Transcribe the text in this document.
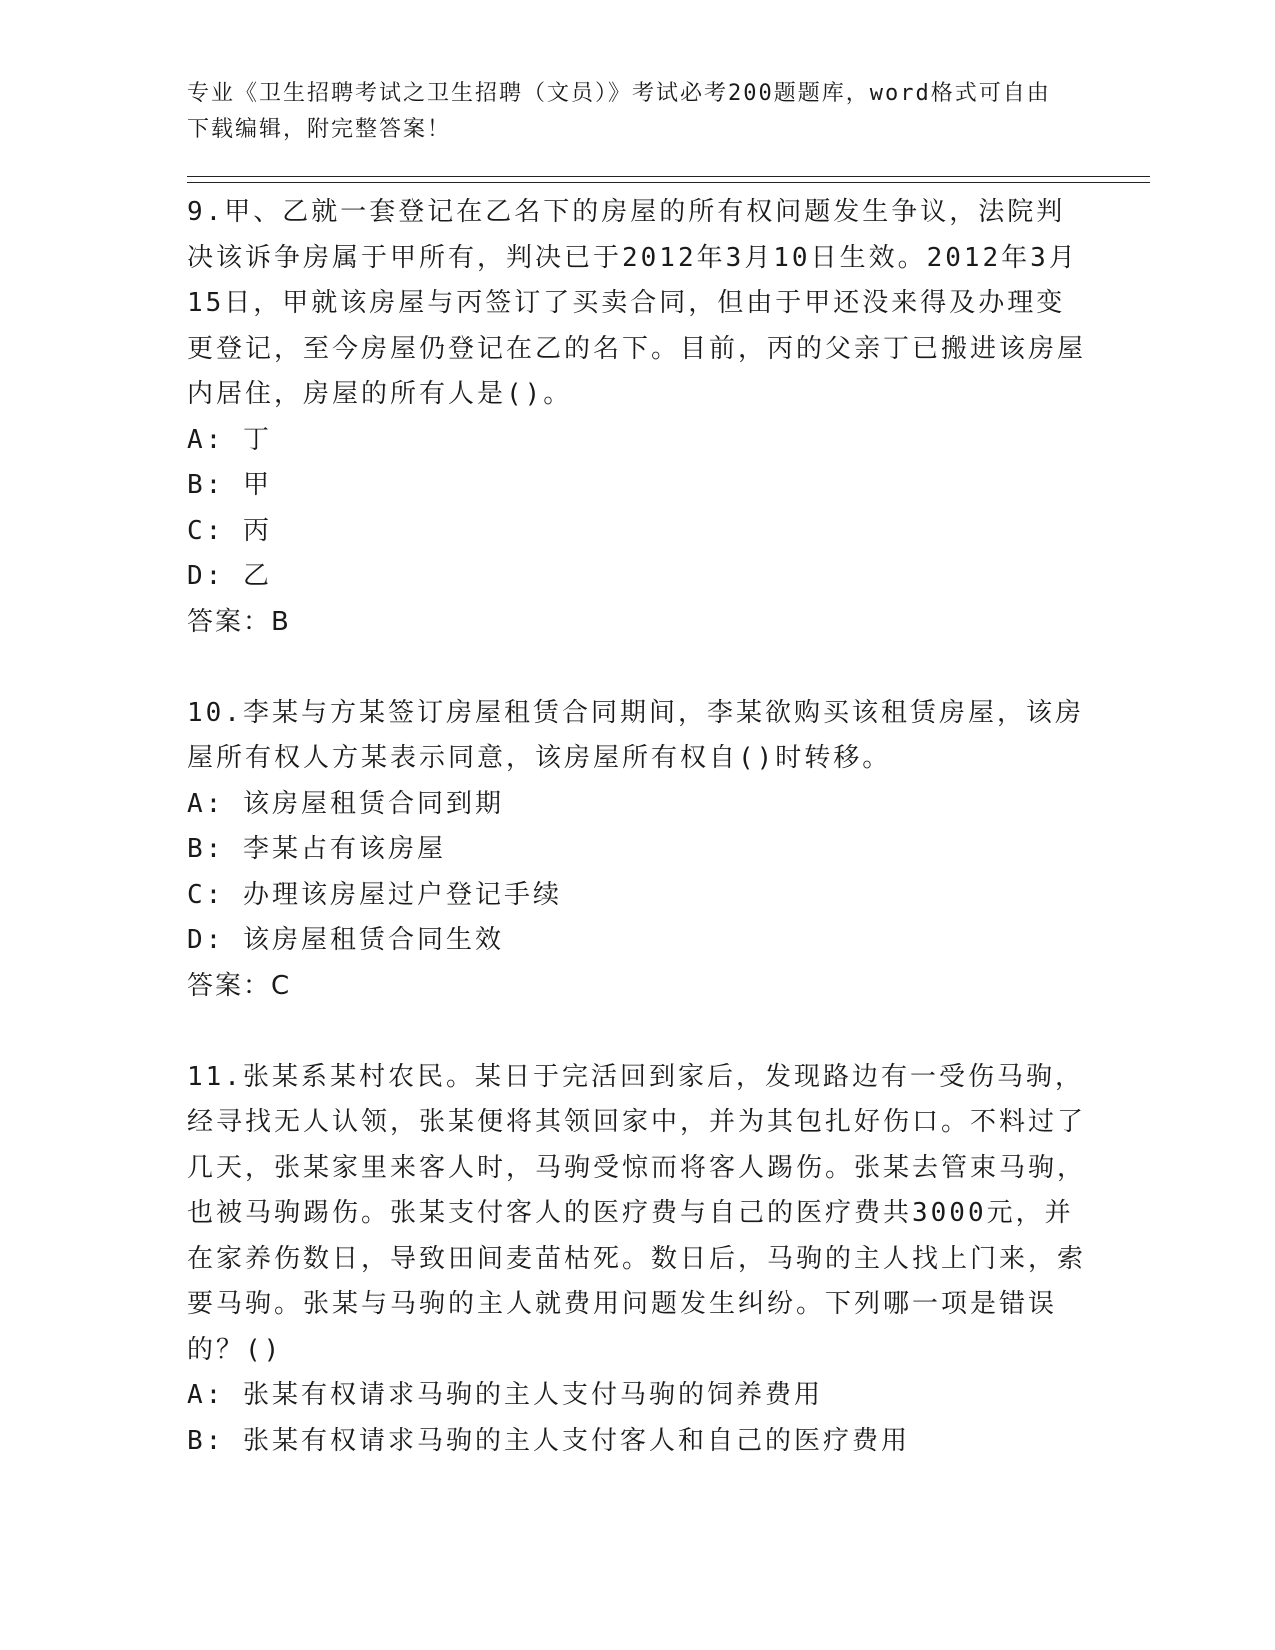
专业《卫生招聘考试之卫生招聘（文员）》考试必考200题题库，word格式可自由下载编辑，附完整答案！

9.甲、乙就一套登记在乙名下的房屋的所有权问题发生争议，法院判决该诉争房属于甲所有，判决已于2012年3月10日生效。2012年3月15日，甲就该房屋与丙签订了买卖合同，但由于甲还没来得及办理变更登记，至今房屋仍登记在乙的名下。目前，丙的父亲丁已搬进该房屋内居住，房屋的所有人是()。

A: 丁

B: 甲

C: 丙

D: 乙

答案：B

10.李某与方某签订房屋租赁合同期间，李某欲购买该租赁房屋，该房屋所有权人方某表示同意，该房屋所有权自()时转移。

A: 该房屋租赁合同到期

B: 李某占有该房屋

C: 办理该房屋过户登记手续

D: 该房屋租赁合同生效

答案：C

11.张某系某村农民。某日于完活回到家后，发现路边有一受伤马驹，经寻找无人认领，张某便将其领回家中，并为其包扎好伤口。不料过了几天，张某家里来客人时，马驹受惊而将客人踢伤。张某去管束马驹，也被马驹踢伤。张某支付客人的医疗费与自己的医疗费共3000元，并在家养伤数日，导致田间麦苗枯死。数日后，马驹的主人找上门来，索要马驹。张某与马驹的主人就费用问题发生纠纷。下列哪一项是错误的？()

A: 张某有权请求马驹的主人支付马驹的饲养费用

B: 张某有权请求马驹的主人支付客人和自己的医疗费用
